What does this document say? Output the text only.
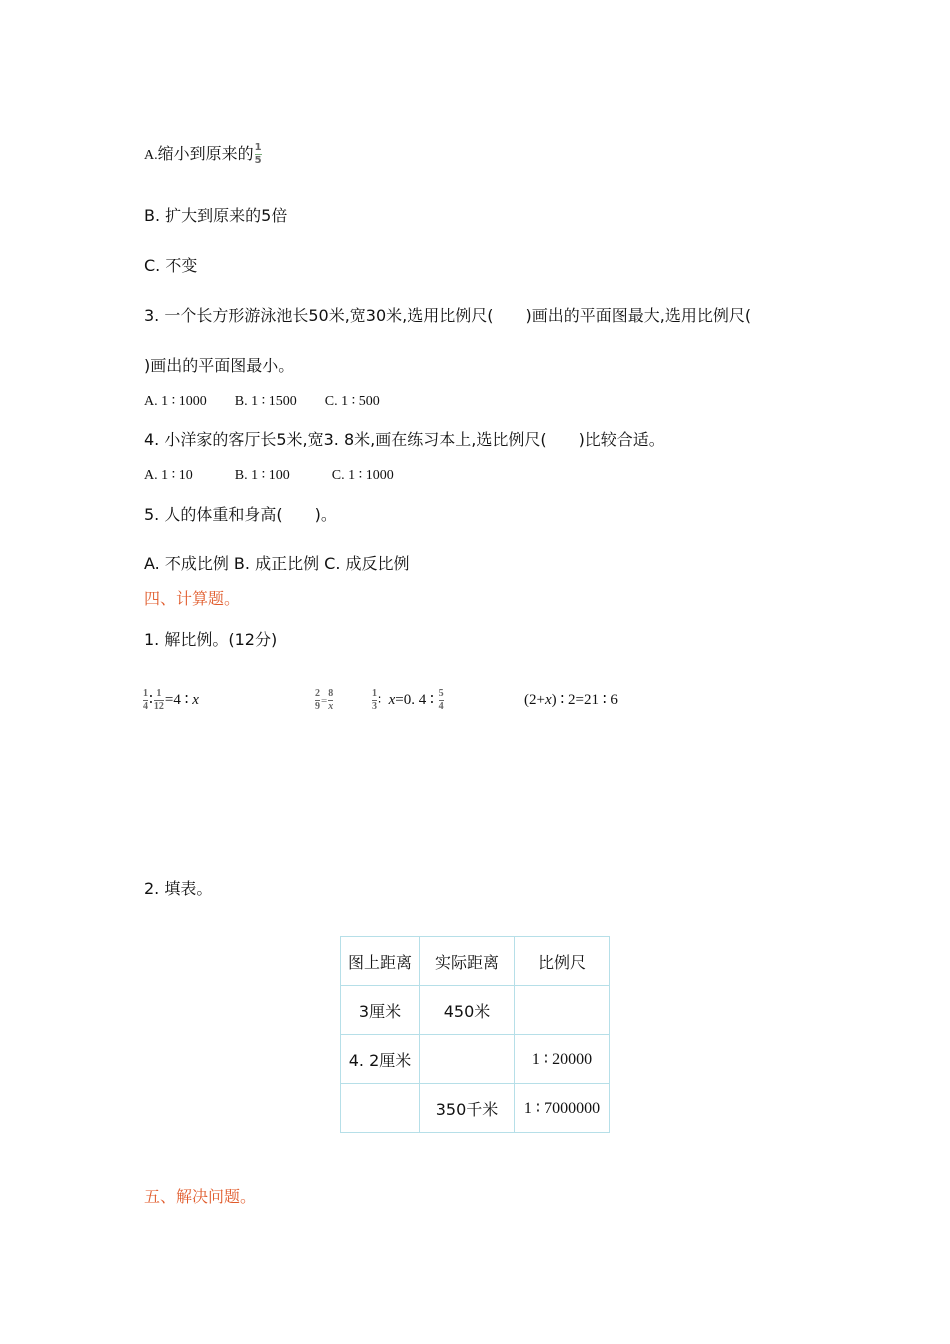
A.缩小到原来的 $\frac{1}{5}$
B. 扩大到原来的5倍
C. 不变
3. 一个长方形游泳池长50米,宽30米,选用比例尺(　　)画出的平面图最大,选用比例尺(
)画出的平面图最小。
A. 1 ∶ 1000　　B. 1 ∶ 1500　　C. 1 ∶ 500
4. 小洋家的客厅长5米,宽3. 8米,画在练习本上,选比例尺(　　)比较合适。
A. 1 ∶ 10　　　B. 1 ∶ 100　　　C. 1 ∶ 1000
5. 人的体重和身高(　　)。
A. 不成比例 B. 成正比例 C. 成反比例
四、计算题。
1. 解比例。(12分)
$\frac{1}{4}$ ∶ $\frac{1}{12} =4$ ∶ x	$\frac{2}{9} = \frac{8}{x}$	$\frac{1}{3}$ ∶ x=0. 4 ∶ $\frac{5}{4}$	(2+x) ∶ 2=21 ∶ 6
2. 填表。
图上距离	实际距离	比例尺
3厘米	450米	
4. 2厘米		1 ∶ 20000
	350千米	1 ∶ 7000000
五、解决问题。
